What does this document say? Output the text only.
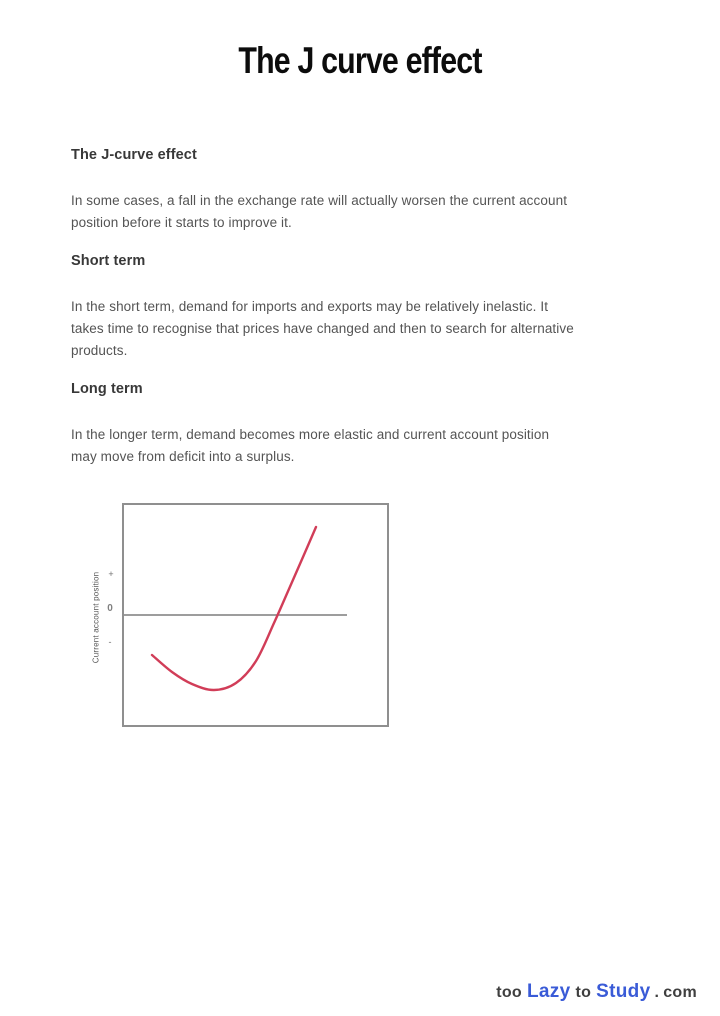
The J curve effect
The J-curve effect

In some cases, a fall in the exchange rate will actually worsen the current account position before it starts to improve it.

Short term

In the short term, demand for imports and exports may be relatively inelastic. It takes time to recognise that prices have changed and then to search for alternative products.

Long term

In the longer term, demand becomes more elastic and current account position may move from deficit into a surplus.

Current account position +
0
-
too Lazy to Study . com
